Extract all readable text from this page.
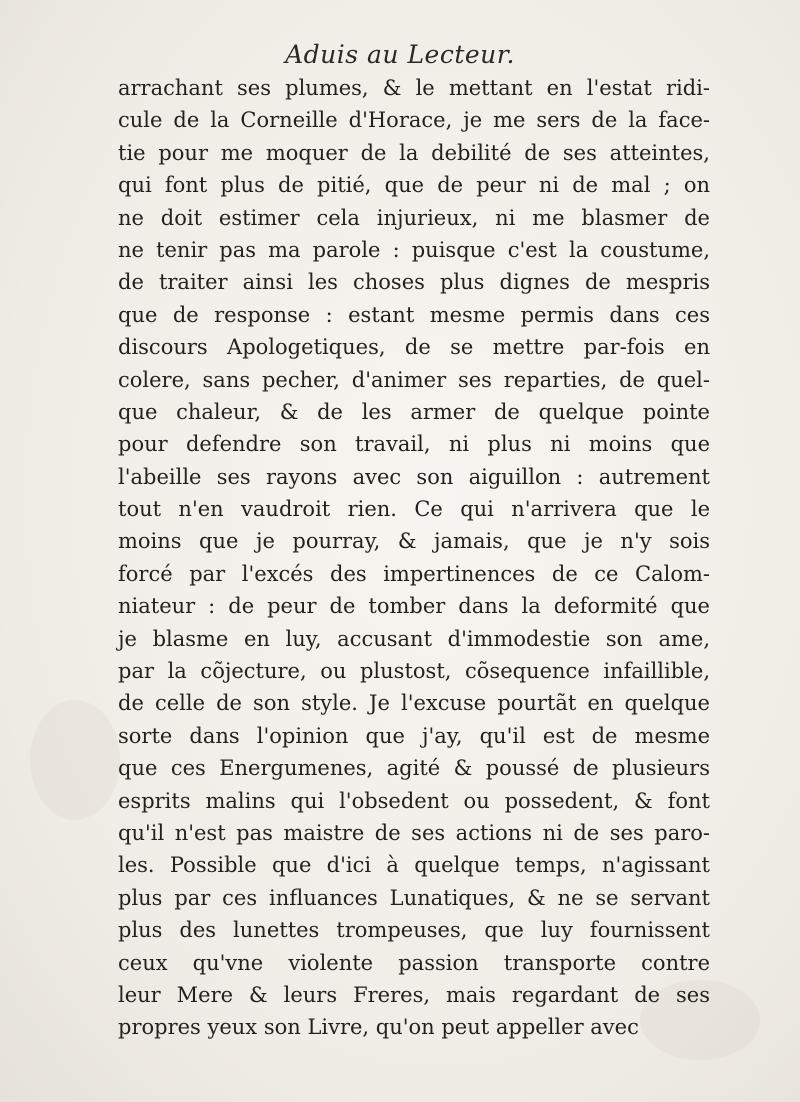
Aduis au Lecteur.
arrachant ses plumes, & le mettant en l'estat ridi-
cule de la Corneille d'Horace, je me sers de la face-
tie pour me moquer de la debilité de ses atteintes,
qui font plus de pitié, que de peur ni de mal ; on
ne doit estimer cela injurieux, ni me blasmer de
ne tenir pas ma parole : puisque c'est la coustume,
de traiter ainsi les choses plus dignes de mespris
que de response : estant mesme permis dans ces
discours Apologetiques, de se mettre par-fois en
colere, sans pecher, d'animer ses reparties, de quel-
que chaleur, & de les armer de quelque pointe
pour defendre son travail, ni plus ni moins que
l'abeille ses rayons avec son aiguillon : autrement
tout n'en vaudroit rien. Ce qui n'arrivera que le
moins que je pourray, & jamais, que je n'y sois
forcé par l'excés des impertinences de ce Calom-
niateur : de peur de tomber dans la deformité que
je blasme en luy, accusant d'immodestie son ame,
par la cõjecture, ou plustost, cõsequence infaillible,
de celle de son style. Je l'excuse pourtãt en quelque
sorte dans l'opinion que j'ay, qu'il est de mesme
que ces Energumenes, agité & poussé de plusieurs
esprits malins qui l'obsedent ou possedent, & font
qu'il n'est pas maistre de ses actions ni de ses paro-
les. Possible que d'ici à quelque temps, n'agissant
plus par ces influances Lunatiques, & ne se servant
plus des lunettes trompeuses, que luy fournissent
ceux qu'vne violente passion transporte contre
leur Mere & leurs Freres, mais regardant de ses
propres yeux son Livre, qu'on peut appeller avec
